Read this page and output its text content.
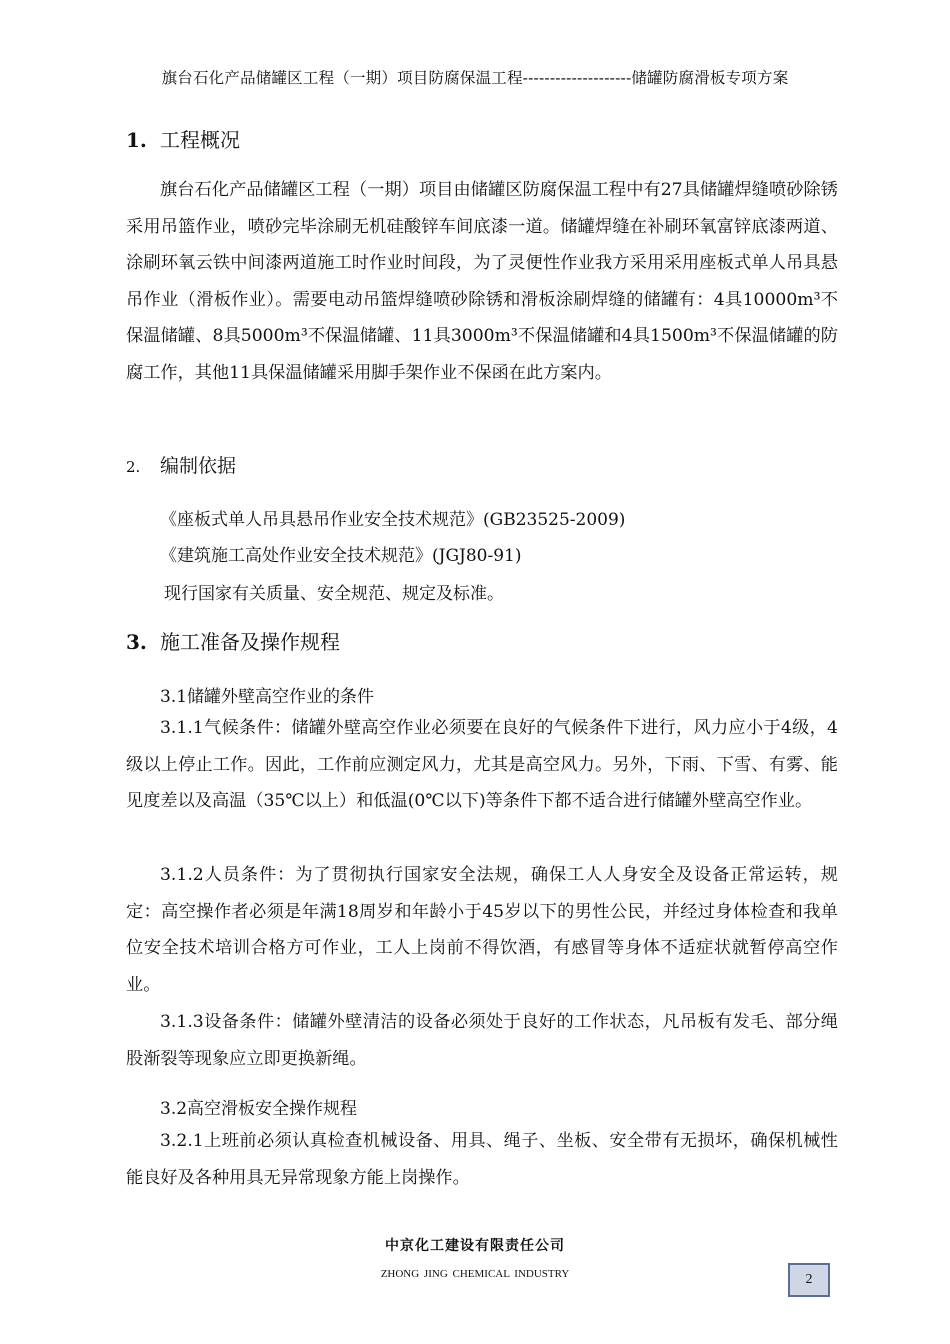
旗台石化产品储罐区工程（一期）项目防腐保温工程--------------------储罐防腐滑板专项方案
1. 工程概况

旗台石化产品储罐区工程（一期）项目由储罐区防腐保温工程中有27具储罐焊缝喷砂除锈采用吊篮作业，喷砂完毕涂刷无机硅酸锌车间底漆一道。储罐焊缝在补刷环氧富锌底漆两道、涂刷环氧云铁中间漆两道施工时作业时间段，为了灵便性作业我方采用采用座板式单人吊具悬吊作业（滑板作业）。需要电动吊篮焊缝喷砂除锈和滑板涂刷焊缝的储罐有：4具10000m³不保温储罐、8具5000m³不保温储罐、11具3000m³不保温储罐和4具1500m³不保温储罐的防腐工作，其他11具保温储罐采用脚手架作业不保函在此方案内。

2. 编制依据
《座板式单人吊具悬吊作业安全技术规范》(GB23525-2009)
《建筑施工高处作业安全技术规范》(JGJ80-91)
现行国家有关质量、安全规范、规定及标准。
3. 施工准备及操作规程
3.1储罐外壁高空作业的条件

3.1.1气候条件：储罐外壁高空作业必须要在良好的气候条件下进行，风力应小于4级，4级以上停止工作。因此，工作前应测定风力，尤其是高空风力。另外，下雨、下雪、有雾、能见度差以及高温（35℃以上）和低温(0℃以下)等条件下都不适合进行储罐外壁高空作业。

3.1.2人员条件：为了贯彻执行国家安全法规，确保工人人身安全及设备正常运转，规定：高空操作者必须是年满18周岁和年龄小于45岁以下的男性公民，并经过身体检查和我单位安全技术培训合格方可作业，工人上岗前不得饮酒，有感冒等身体不适症状就暂停高空作业。

3.1.3设备条件：储罐外壁清洁的设备必须处于良好的工作状态，凡吊板有发毛、部分绳股渐裂等现象应立即更换新绳。

3.2高空滑板安全操作规程

3.2.1上班前必须认真检查机械设备、用具、绳子、坐板、安全带有无损坏，确保机械性能良好及各种用具无异常现象方能上岗操作。

中京化工建设有限责任公司
ZHONG JING CHEMICAL INDUSTRY	2
